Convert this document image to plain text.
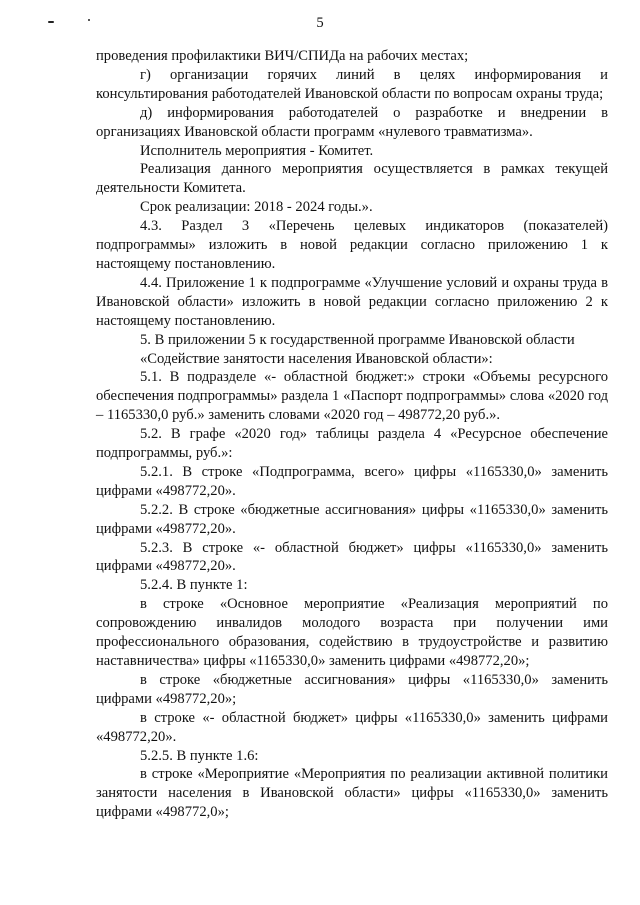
5

проведения профилактики ВИЧ/СПИДа на рабочих местах;

г) организации горячих линий в целях информирования и консультирования работодателей Ивановской области по вопросам охраны труда;

д) информирования работодателей о разработке и внедрении в организациях Ивановской области программ «нулевого травматизма».

Исполнитель мероприятия - Комитет.

Реализация данного мероприятия осуществляется в рамках текущей деятельности Комитета.

Срок реализации: 2018 - 2024 годы.».

4.3. Раздел 3 «Перечень целевых индикаторов (показателей) подпрограммы» изложить в новой редакции согласно приложению 1 к настоящему постановлению.

4.4. Приложение 1 к подпрограмме «Улучшение условий и охраны труда в Ивановской области» изложить в новой редакции согласно приложению 2 к настоящему постановлению.

5. В приложении 5 к государственной программе Ивановской области

«Содействие занятости населения Ивановской области»:

5.1. В подразделе «- областной бюджет:» строки «Объемы ресурсного обеспечения подпрограммы» раздела 1 «Паспорт подпрограммы» слова «2020 год – 1165330,0 руб.» заменить словами «2020 год – 498772,20 руб.».

5.2. В графе «2020 год» таблицы раздела 4 «Ресурсное обеспечение подпрограммы, руб.»:

5.2.1. В строке «Подпрограмма, всего» цифры «1165330,0» заменить цифрами «498772,20».

5.2.2. В строке «бюджетные ассигнования» цифры «1165330,0» заменить цифрами «498772,20».

5.2.3. В строке «- областной бюджет» цифры «1165330,0» заменить цифрами «498772,20».

5.2.4. В пункте 1:

в строке «Основное мероприятие «Реализация мероприятий по сопровождению инвалидов молодого возраста при получении ими профессионального образования, содействию в трудоустройстве и развитию наставничества» цифры «1165330,0» заменить цифрами «498772,20»;

в строке «бюджетные ассигнования» цифры «1165330,0» заменить цифрами «498772,20»;

в строке «- областной бюджет» цифры «1165330,0» заменить цифрами «498772,20».

5.2.5. В пункте 1.6:

в строке «Мероприятие «Мероприятия по реализации активной политики занятости населения в Ивановской области» цифры «1165330,0» заменить цифрами «498772,0»;
